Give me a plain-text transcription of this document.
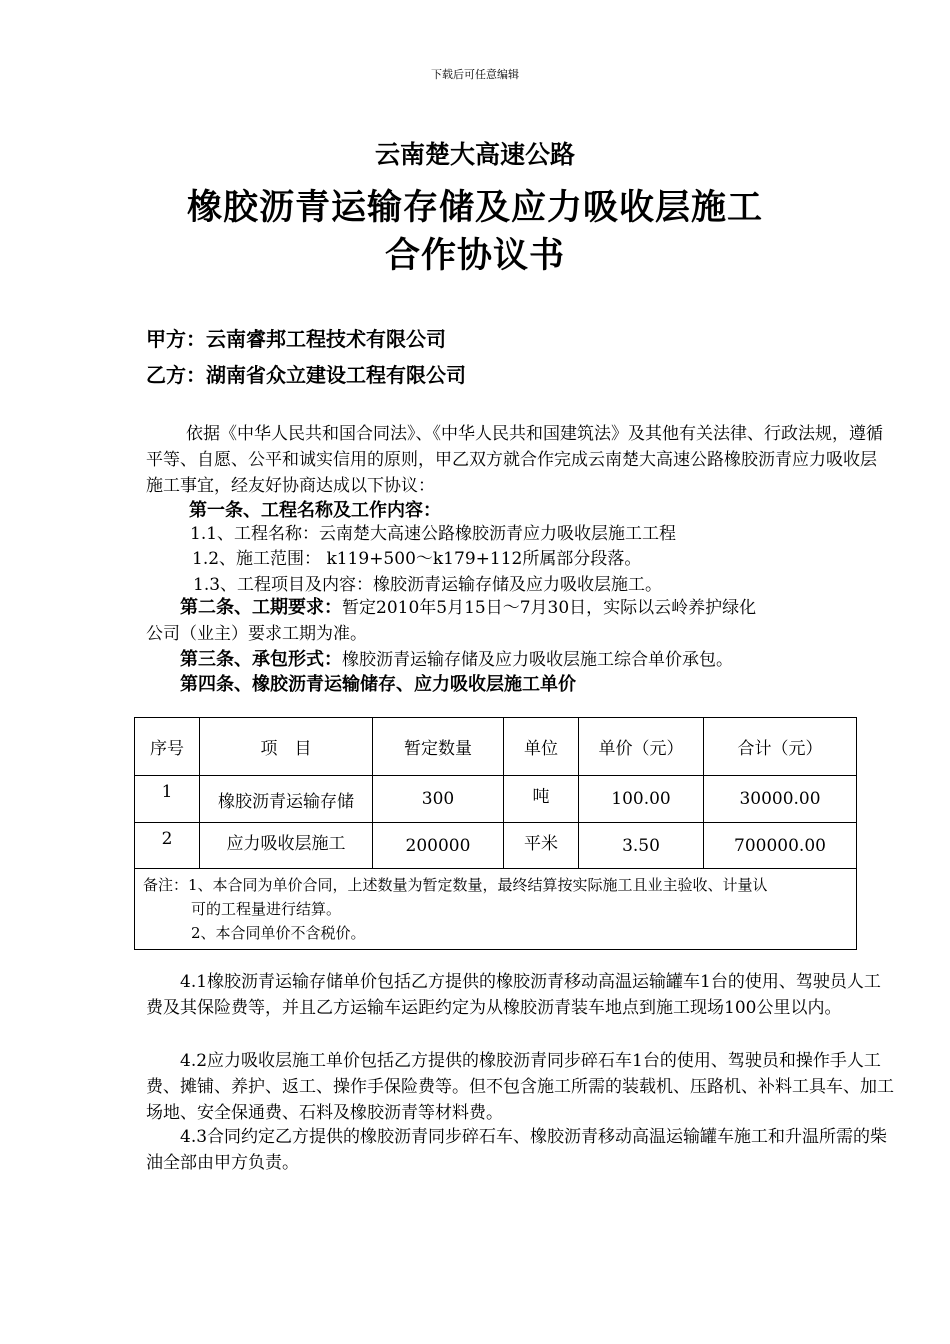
下载后可任意编辑
云南楚大高速公路
橡胶沥青运输存储及应力吸收层施工
合作协议书
甲方：云南睿邦工程技术有限公司
乙方：湖南省众立建设工程有限公司
依据《中华人民共和国合同法》、《中华人民共和国建筑法》及其他有关法律、行政法规，遵循平等、自愿、公平和诚实信用的原则，甲乙双方就合作完成云南楚大高速公路橡胶沥青应力吸收层施工事宜，经友好协商达成以下协议：
第一条、工程名称及工作内容：
1.1、工程名称：云南楚大高速公路橡胶沥青应力吸收层施工工程
1.2、施工范围： k119+500～k179+112所属部分段落。
1.3、工程项目及内容：橡胶沥青运输存储及应力吸收层施工。
第二条、工期要求：暂定2010年5月15日～7月30日，实际以云岭养护绿化
公司（业主）要求工期为准。
第三条、承包形式：橡胶沥青运输存储及应力吸收层施工综合单价承包。
第四条、橡胶沥青运输储存、应力吸收层施工单价
序号	项　目	暂定数量	单位	单价（元）	合计（元）
1	橡胶沥青运输存储	300	吨	100.00	30000.00
2	应力吸收层施工	200000	平米	3.50	700000.00

备注：1、本合同为单价合同，上述数量为暂定数量，最终结算按实际施工且业主验收、计量认
可的工程量进行结算。
2、本合同单价不含税价。					
4.1橡胶沥青运输存储单价包括乙方提供的橡胶沥青移动高温运输罐车1台的使用、驾驶员人工费及其保险费等，并且乙方运输车运距约定为从橡胶沥青装车地点到施工现场100公里以内。
4.2应力吸收层施工单价包括乙方提供的橡胶沥青同步碎石车1台的使用、驾驶员和操作手人工费、摊铺、养护、返工、操作手保险费等。但不包含施工所需的装载机、压路机、补料工具车、加工场地、安全保通费、石料及橡胶沥青等材料费。
4.3合同约定乙方提供的橡胶沥青同步碎石车、橡胶沥青移动高温运输罐车施工和升温所需的柴油全部由甲方负责。
